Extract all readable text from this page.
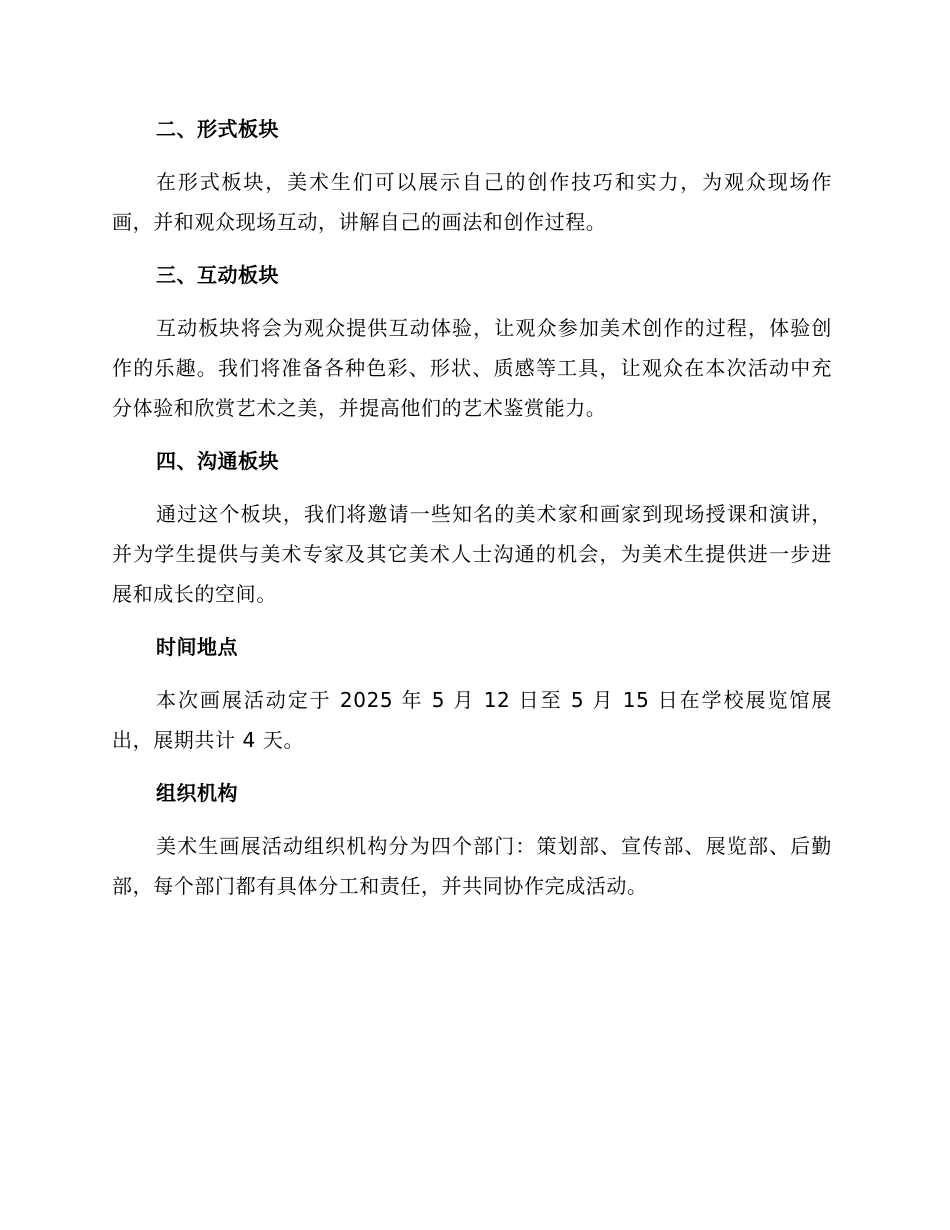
二、形式板块

在形式板块，美术生们可以展示自己的创作技巧和实力，为观众现场作画，并和观众现场互动，讲解自己的画法和创作过程。

三、互动板块

互动板块将会为观众提供互动体验，让观众参加美术创作的过程，体验创作的乐趣。我们将准备各种色彩、形状、质感等工具，让观众在本次活动中充分体验和欣赏艺术之美，并提高他们的艺术鉴赏能力。

四、沟通板块

通过这个板块，我们将邀请一些知名的美术家和画家到现场授课和演讲，并为学生提供与美术专家及其它美术人士沟通的机会，为美术生提供进一步进展和成长的空间。

时间地点

本次画展活动定于 2025 年 5 月 12 日至 5 月 15 日在学校展览馆展出，展期共计 4 天。

组织机构

美术生画展活动组织机构分为四个部门：策划部、宣传部、展览部、后勤部，每个部门都有具体分工和责任，并共同协作完成活动。
